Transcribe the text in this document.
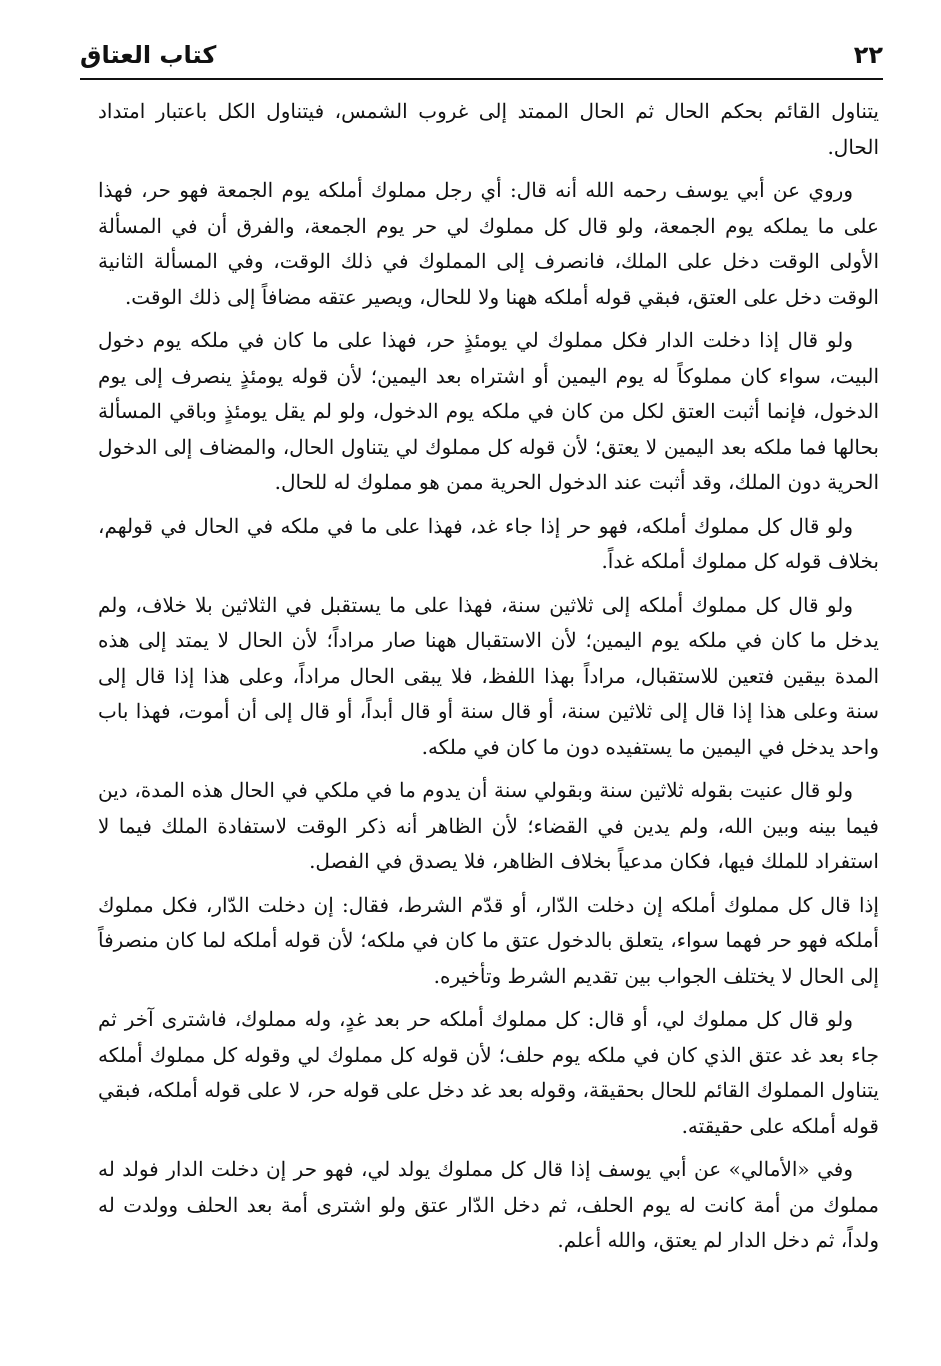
٢٢
كتاب العتاق

يتناول القائم بحكم الحال ثم الحال الممتد إلى غروب الشمس، فيتناول الكل باعتبار امتداد الحال.

وروي عن أبي يوسف رحمه الله أنه قال: أي رجل مملوك أملكه يوم الجمعة فهو حر، فهذا على ما يملكه يوم الجمعة، ولو قال كل مملوك لي حر يوم الجمعة، والفرق أن في المسألة الأولى الوقت دخل على الملك، فانصرف إلى المملوك في ذلك الوقت، وفي المسألة الثانية الوقت دخل على العتق، فبقي قوله أملكه ههنا ولا للحال، ويصير عتقه مضافاً إلى ذلك الوقت.

ولو قال إذا دخلت الدار فكل مملوك لي يومئذٍ حر، فهذا على ما كان في ملكه يوم دخول البيت، سواء كان مملوكاً له يوم اليمين أو اشتراه بعد اليمين؛ لأن قوله يومئذٍ ينصرف إلى يوم الدخول، فإنما أثبت العتق لكل من كان في ملكه يوم الدخول، ولو لم يقل يومئذٍ وباقي المسألة بحالها فما ملكه بعد اليمين لا يعتق؛ لأن قوله كل مملوك لي يتناول الحال، والمضاف إلى الدخول الحرية دون الملك، وقد أثبت عند الدخول الحرية ممن هو مملوك له للحال.

ولو قال كل مملوك أملكه، فهو حر إذا جاء غد، فهذا على ما في ملكه في الحال في قولهم، بخلاف قوله كل مملوك أملكه غداً.

ولو قال كل مملوك أملكه إلى ثلاثين سنة، فهذا على ما يستقبل في الثلاثين بلا خلاف، ولم يدخل ما كان في ملكه يوم اليمين؛ لأن الاستقبال ههنا صار مراداً؛ لأن الحال لا يمتد إلى هذه المدة بيقين فتعين للاستقبال، مراداً بهذا اللفظ، فلا يبقى الحال مراداً، وعلى هذا إذا قال إلى سنة وعلى هذا إذا قال إلى ثلاثين سنة، أو قال سنة أو قال أبداً، أو قال إلى أن أموت، فهذا باب واحد يدخل في اليمين ما يستفيده دون ما كان في ملكه.

ولو قال عنيت بقوله ثلاثين سنة وبقولي سنة أن يدوم ما في ملكي في الحال هذه المدة، دين فيما بينه وبين الله، ولم يدين في القضاء؛ لأن الظاهر أنه ذكر الوقت لاستفادة الملك فيما لا استفراد للملك فيها، فكان مدعياً بخلاف الظاهر، فلا يصدق في الفصل.

إذا قال كل مملوك أملكه إن دخلت الدّار، أو قدّم الشرط، فقال: إن دخلت الدّار، فكل مملوك أملكه فهو حر فهما سواء، يتعلق بالدخول عتق ما كان في ملكه؛ لأن قوله أملكه لما كان منصرفاً إلى الحال لا يختلف الجواب بين تقديم الشرط وتأخيره.

ولو قال كل مملوك لي، أو قال: كل مملوك أملكه حر بعد غدٍ، وله مملوك، فاشترى آخر ثم جاء بعد غد عتق الذي كان في ملكه يوم حلف؛ لأن قوله كل مملوك لي وقوله كل مملوك أملكه يتناول المملوك القائم للحال بحقيقة، وقوله بعد غد دخل على قوله حر، لا على قوله أملكه، فبقي قوله أملكه على حقيقته.

وفي «الأمالي» عن أبي يوسف إذا قال كل مملوك يولد لي، فهو حر إن دخلت الدار فولد له مملوك من أمة كانت له يوم الحلف، ثم دخل الدّار عتق ولو اشترى أمة بعد الحلف وولدت له ولداً، ثم دخل الدار لم يعتق، والله أعلم.
